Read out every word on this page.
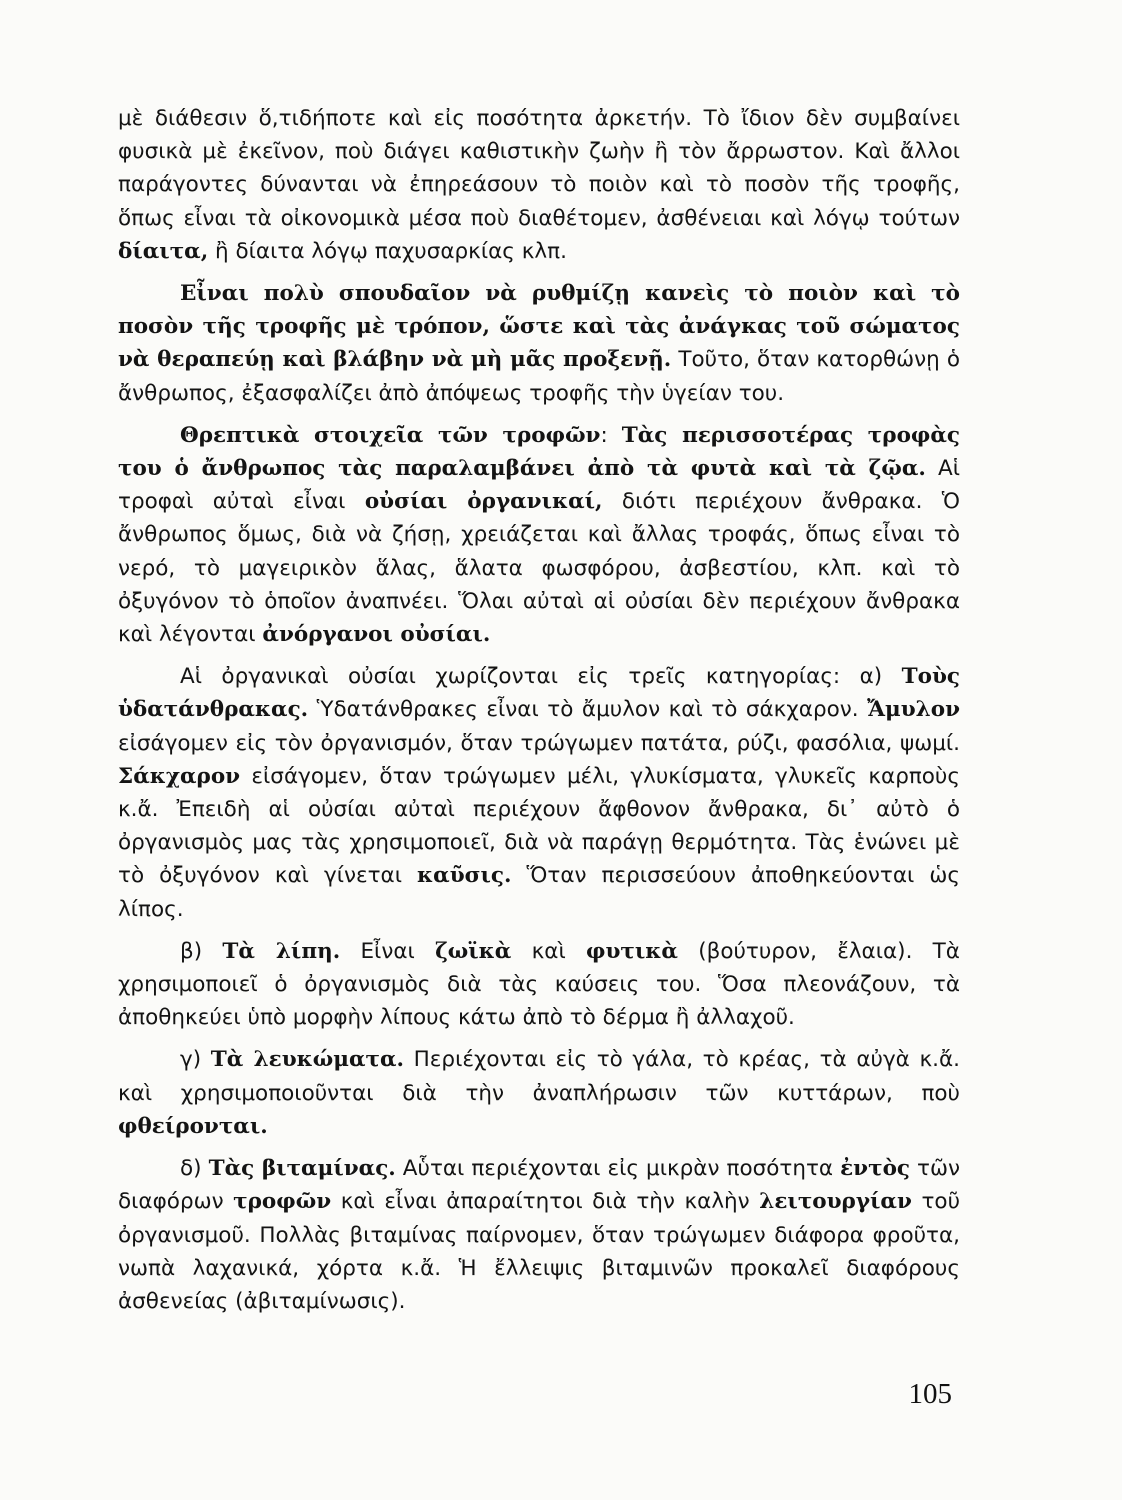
μὲ διάθεσιν ὅ,τιδήποτε καὶ εἰς ποσότητα ἀρκετήν. Τὸ ἴδιον δὲν συμβαίνει φυσικὰ μὲ ἐκεῖνον, ποὺ διάγει καθιστικὴν ζωὴν ἢ τὸν ἄρρωστον. Καὶ ἄλλοι παράγοντες δύνανται νὰ ἐπηρεάσουν τὸ ποιὸν καὶ τὸ ποσὸν τῆς τροφῆς, ὅπως εἶναι τὰ οἰκονομικὰ μέσα ποὺ διαθέτομεν, ἀσθένειαι καὶ λόγῳ τούτων δίαιτα, ἢ δίαιτα λόγῳ παχυσαρκίας κλπ.

Εἶναι πολὺ σπουδαῖον νὰ ρυθμίζῃ κανεὶς τὸ ποιὸν καὶ τὸ ποσὸν τῆς τροφῆς μὲ τρόπον, ὥστε καὶ τὰς ἀνάγκας τοῦ σώματος νὰ θεραπεύῃ καὶ βλάβην νὰ μὴ μᾶς προξενῇ. Τοῦτο, ὅταν κατορθώνῃ ὁ ἄνθρωπος, ἐξασφαλίζει ἀπὸ ἀπόψεως τροφῆς τὴν ὑγείαν του.

Θρεπτικὰ στοιχεῖα τῶν τροφῶν: Τὰς περισσοτέρας τροφὰς του ὁ ἄνθρωπος τὰς παραλαμβάνει ἀπὸ τὰ φυτὰ καὶ τὰ ζῷα. Αἱ τροφαὶ αὐταὶ εἶναι οὐσίαι ὀργανικαί, διότι περιέχουν ἄνθρακα. Ὁ ἄνθρωπος ὅμως, διὰ νὰ ζήσῃ, χρειάζεται καὶ ἄλλας τροφάς, ὅπως εἶναι τὸ νερό, τὸ μαγειρικὸν ἅλας, ἅλατα φωσφόρου, ἀσβεστίου, κλπ. καὶ τὸ ὀξυγόνον τὸ ὁποῖον ἀναπνέει. Ὅλαι αὐταὶ αἱ οὐσίαι δὲν περιέχουν ἄνθρακα καὶ λέγονται ἀνόργανοι οὐσίαι.

Αἱ ὀργανικαὶ οὐσίαι χωρίζονται εἰς τρεῖς κατηγορίας: α) Τοὺς ὑδατάνθρακας. Ὑδατάνθρακες εἶναι τὸ ἄμυλον καὶ τὸ σάκχαρον. Ἄμυλον εἰσάγομεν εἰς τὸν ὀργανισμόν, ὅταν τρώγωμεν πατάτα, ρύζι, φασόλια, ψωμί. Σάκχαρον εἰσάγομεν, ὅταν τρώγωμεν μέλι, γλυκίσματα, γλυκεῖς καρποὺς κ.ἄ. Ἐπειδὴ αἱ οὐσίαι αὐταὶ περιέχουν ἄφθονον ἄνθρακα, δι᾽ αὐτὸ ὁ ὀργανισμὸς μας τὰς χρησιμοποιεῖ, διὰ νὰ παράγῃ θερμότητα. Τὰς ἑνώνει μὲ τὸ ὀξυγόνον καὶ γίνεται καῦσις. Ὅταν περισσεύουν ἀποθηκεύονται ὡς λίπος.

β) Τὰ λίπη. Εἶναι ζωϊκὰ καὶ φυτικὰ (βούτυρον, ἔλαια). Τὰ χρησιμοποιεῖ ὁ ὀργανισμὸς διὰ τὰς καύσεις του. Ὅσα πλεονάζουν, τὰ ἀποθηκεύει ὑπὸ μορφὴν λίπους κάτω ἀπὸ τὸ δέρμα ἢ ἀλλαχοῦ.

γ) Τὰ λευκώματα. Περιέχονται εἰς τὸ γάλα, τὸ κρέας, τὰ αὐγὰ κ.ἄ. καὶ χρησιμοποιοῦνται διὰ τὴν ἀναπλήρωσιν τῶν κυττάρων, ποὺ φθείρονται.

δ) Τὰς βιταμίνας. Αὗται περιέχονται εἰς μικρὰν ποσότητα ἐντὸς τῶν διαφόρων τροφῶν καὶ εἶναι ἀπαραίτητοι διὰ τὴν καλὴν λειτουργίαν τοῦ ὀργανισμοῦ. Πολλὰς βιταμίνας παίρνομεν, ὅταν τρώγωμεν διάφορα φροῦτα, νωπὰ λαχανικά, χόρτα κ.ἄ. Ἡ ἔλλειψις βιταμινῶν προκαλεῖ διαφόρους ἀσθενείας (ἀβιταμίνωσις).

105
